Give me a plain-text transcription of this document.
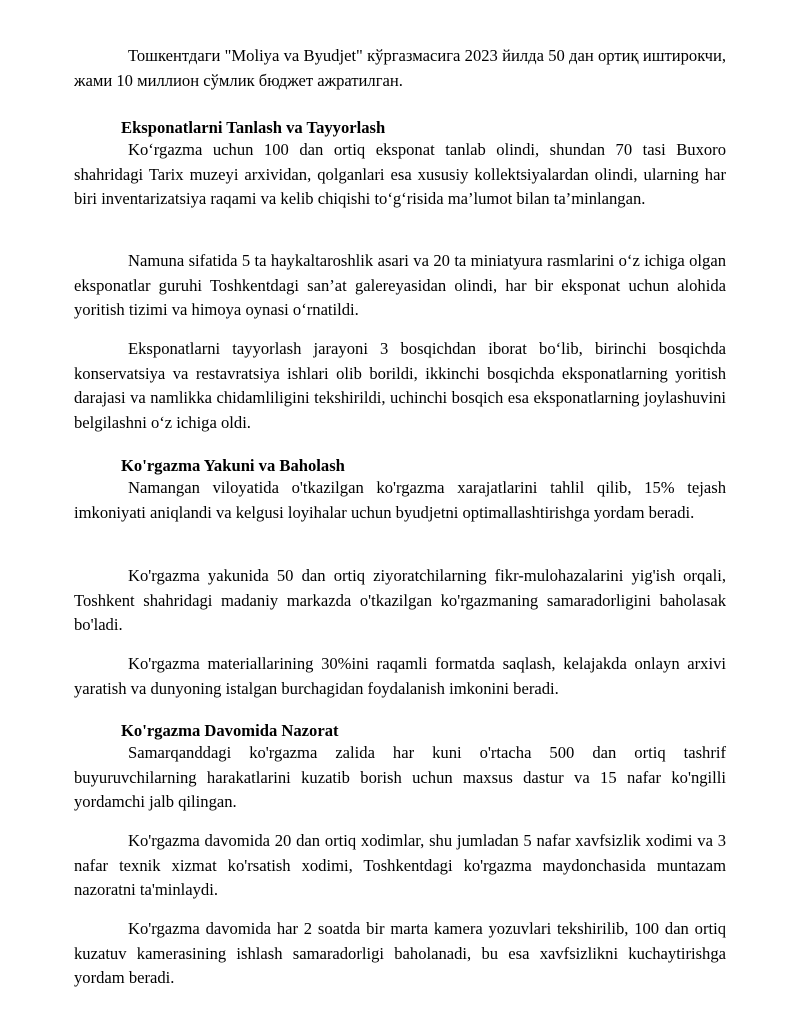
Тошкентдаги "Moliya va Byudjet" кўргазмасига 2023 йилда 50 дан ортиқ иштирокчи, жами 10 миллион сўмлик бюджет ажратилган.

Eksponatlarni Tanlash va Tayyorlash

Ko‘rgazma uchun 100 dan ortiq eksponat tanlab olindi, shundan 70 tasi Buxoro shahridagi Tarix muzeyi arxividan, qolganlari esa xususiy kollektsiyalardan olindi, ularning har biri inventarizatsiya raqami va kelib chiqishi to‘g‘risida ma’lumot bilan ta’minlangan.

Namuna sifatida 5 ta haykaltaroshlik asari va 20 ta miniatyura rasmlarini o‘z ichiga olgan eksponatlar guruhi Toshkentdagi san’at galereyasidan olindi, har bir eksponat uchun alohida yoritish tizimi va himoya oynasi o‘rnatildi.

Eksponatlarni tayyorlash jarayoni 3 bosqichdan iborat bo‘lib, birinchi bosqichda konservatsiya va restavratsiya ishlari olib borildi, ikkinchi bosqichda eksponatlarning yoritish darajasi va namlikka chidamliligini tekshirildi, uchinchi bosqich esa eksponatlarning joylashuvini belgilashni o‘z ichiga oldi.

Ko'rgazma Yakuni va Baholash

Namangan viloyatida o'tkazilgan ko'rgazma xarajatlarini tahlil qilib, 15% tejash imkoniyati aniqlandi va kelgusi loyihalar uchun byudjetni optimallashtirishga yordam beradi.

Ko'rgazma yakunida 50 dan ortiq ziyoratchilarning fikr-mulohazalarini yig'ish orqali, Toshkent shahridagi madaniy markazda o'tkazilgan ko'rgazmaning samaradorligini baholasak bo'ladi.

Ko'rgazma materiallarining 30%ini raqamli formatda saqlash, kelajakda onlayn arxivi yaratish va dunyoning istalgan burchagidan foydalanish imkonini beradi.

Ko'rgazma Davomida Nazorat

Samarqanddagi ko'rgazma zalida har kuni o'rtacha 500 dan ortiq tashrif buyuruvchilarning harakatlarini kuzatib borish uchun maxsus dastur va 15 nafar ko'ngilli yordamchi jalb qilingan.

Ko'rgazma davomida 20 dan ortiq xodimlar, shu jumladan 5 nafar xavfsizlik xodimi va 3 nafar texnik xizmat ko'rsatish xodimi, Toshkentdagi ko'rgazma maydonchasida muntazam nazoratni ta'minlaydi.

Ko'rgazma davomida har 2 soatda bir marta kamera yozuvlari tekshirilib, 100 dan ortiq kuzatuv kamerasining ishlash samaradorligi baholanadi, bu esa xavfsizlikni kuchaytirishga yordam beradi.
